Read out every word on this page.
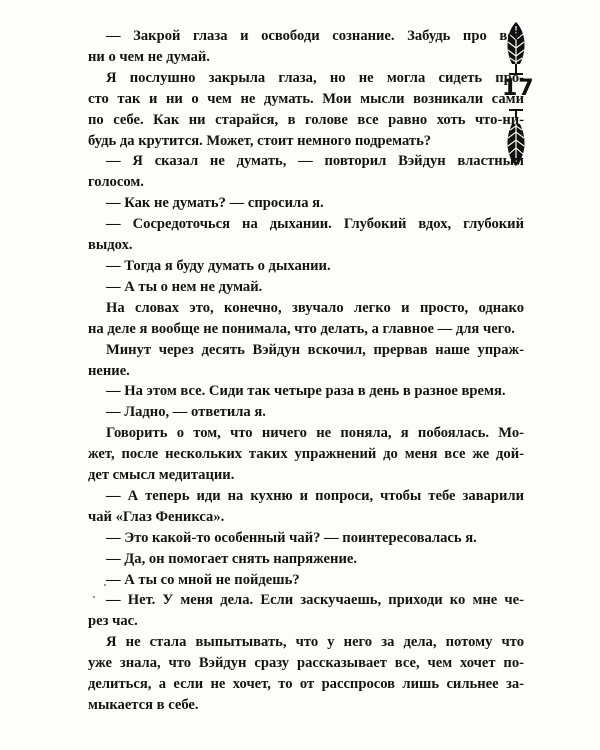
17
— Закрой глаза и освободи сознание. Забудь про всё,
ни о чем не думай.
Я послушно закрыла глаза, но не могла сидеть про-
сто так и ни о чем не думать. Мои мысли возникали сами
по себе. Как ни старайся, в голове все равно хоть что-ни-
будь да крутится. Может, стоит немного подремать?
— Я сказал не думать, — повторил Вэйдун властным
голосом.
— Как не думать? — спросила я.
— Сосредоточься на дыхании. Глубокий вдох, глубокий
выдох.
— Тогда я буду думать о дыхании.
— А ты о нем не думай.
На словах это, конечно, звучало легко и просто, однако
на деле я вообще не понимала, что делать, а главное — для чего.
Минут через десять Вэйдун вскочил, прервав наше упраж-
нение.
— На этом все. Сиди так четыре раза в день в разное время.
— Ладно, — ответила я.
Говорить о том, что ничего не поняла, я побоялась. Мо-
жет, после нескольких таких упражнений до меня все же дой-
дет смысл медитации.
— А теперь иди на кухню и попроси, чтобы тебе заварили
чай «Глаз Феникса».
— Это какой-то особенный чай? — поинтересовалась я.
— Да, он помогает снять напряжение.
— А ты со мной не пойдешь?
— Нет. У меня дела. Если заскучаешь, приходи ко мне че-
рез час.
Я не стала выпытывать, что у него за дела, потому что
уже знала, что Вэйдун сразу рассказывает все, чем хочет по-
делиться, а если не хочет, то от расспросов лишь сильнее за-
мыкается в себе.
